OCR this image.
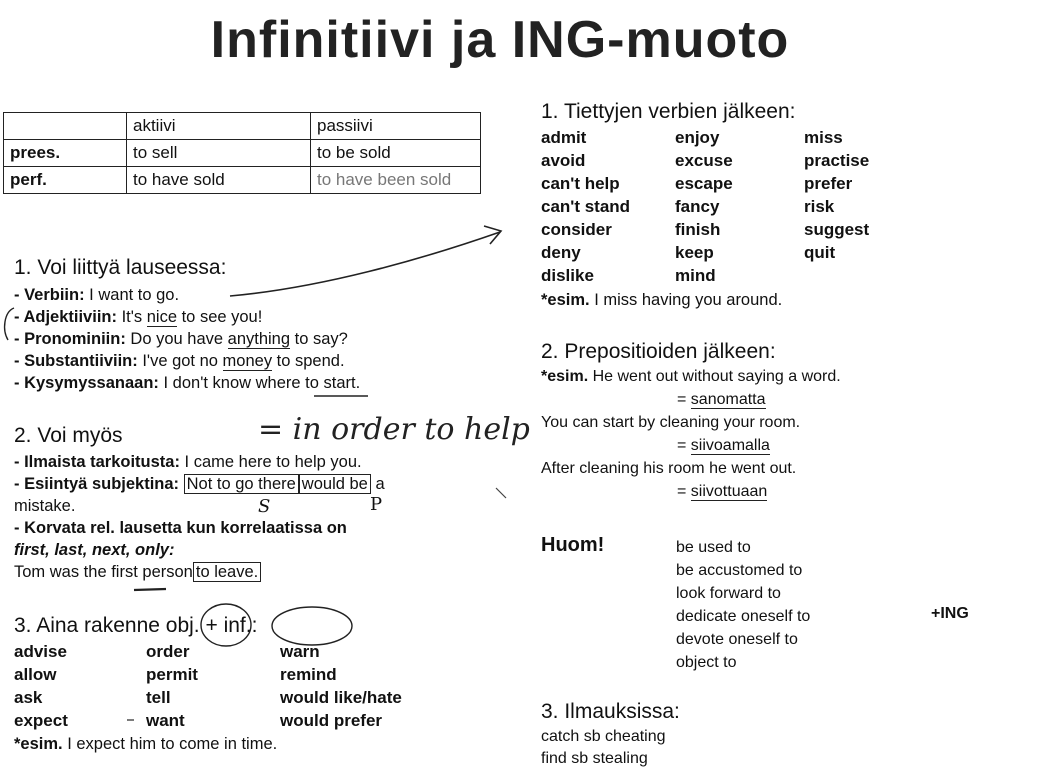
Infinitiivi ja ING-muoto
	aktiivi	passiivi
prees.	to sell	to be sold
perf.	to have sold	to have been sold
1. Voi liittyä lauseessa:
- Verbiin: I want to go.
- Adjektiiviin: It's nice to see you!
- Pronominiin: Do you have anything to say?
- Substantiiviin: I've got no money to spend.
- Kysymyssanaan: I don't know where to start.
2. Voi myös	= in order to help
- Ilmaista tarkoitusta: I came here to help you.
- Esiintyä subjektina: Not to go there would be a
mistake.
- Korvata rel. lausetta kun korrelaatissa on
first, last, next, only:
Tom was the first person to leave.
S	P
3. Aina rakenne obj. + inf.:
advise	order	warn
allow	permit	remind
ask	tell	would like/hate
expect	want	would prefer
*esim. I expect him to come in time.
1. Tiettyjen verbien jälkeen:
admit	enjoy	miss
avoid	excuse	practise
can't help	escape	prefer
can't stand	fancy	risk
consider	finish	suggest
deny	keep	quit
dislike	mind
*esim. I miss having you around.
2. Prepositioiden jälkeen:
*esim. He went out without saying a word.
= sanomatta
You can start by cleaning your room.
= siivoamalla
After cleaning his room he went out.
= siivottuaan
Huom!	be used to
be accustomed to
look forward to
dedicate oneself to
devote oneself to
object to
+ING
3. Ilmauksissa:
catch sb cheating
find sb stealing
